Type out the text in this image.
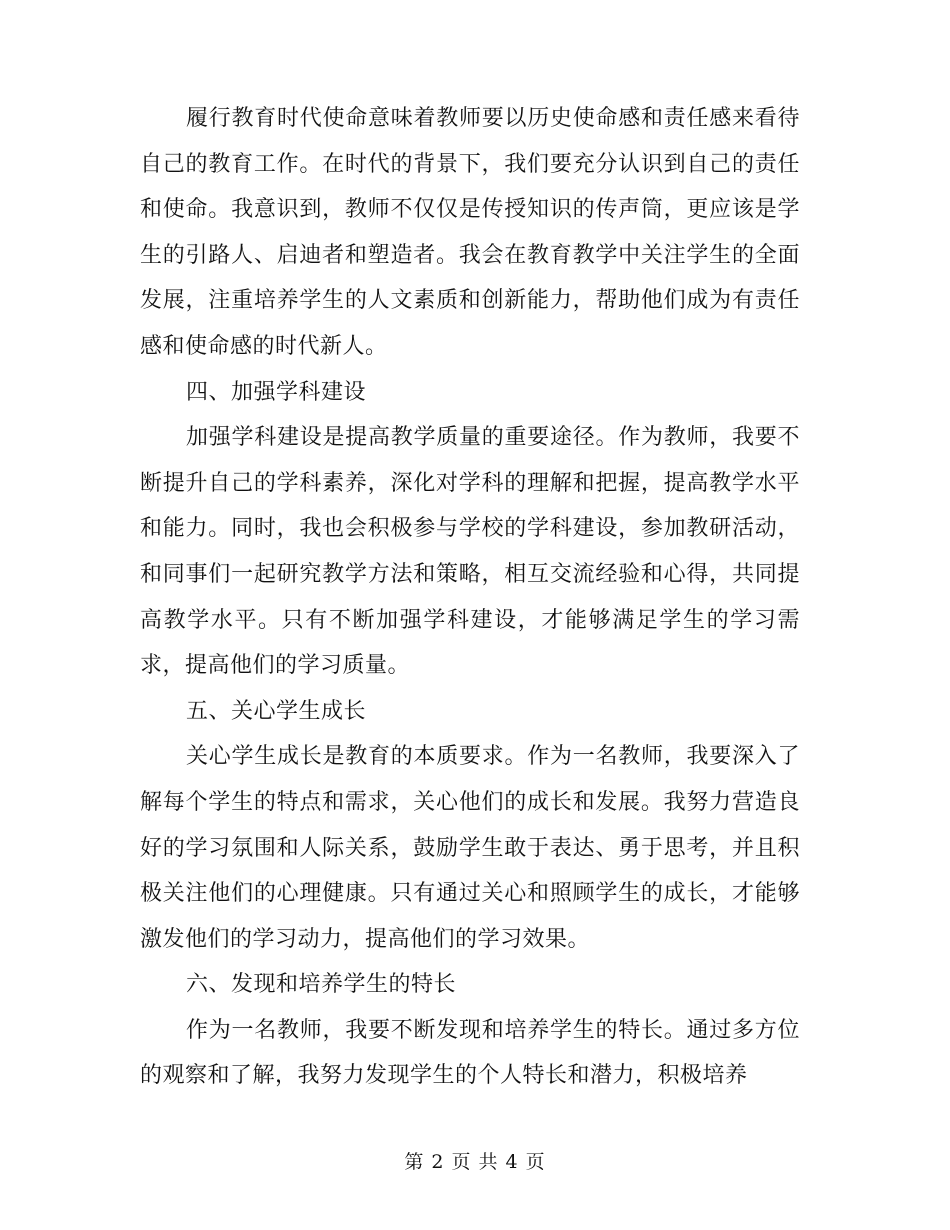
履行教育时代使命意味着教师要以历史使命感和责任感来看待自己的教育工作。在时代的背景下，我们要充分认识到自己的责任和使命。我意识到，教师不仅仅是传授知识的传声筒，更应该是学生的引路人、启迪者和塑造者。我会在教育教学中关注学生的全面发展，注重培养学生的人文素质和创新能力，帮助他们成为有责任感和使命感的时代新人。

四、加强学科建设

加强学科建设是提高教学质量的重要途径。作为教师，我要不断提升自己的学科素养，深化对学科的理解和把握，提高教学水平和能力。同时，我也会积极参与学校的学科建设，参加教研活动，和同事们一起研究教学方法和策略，相互交流经验和心得，共同提高教学水平。只有不断加强学科建设，才能够满足学生的学习需求，提高他们的学习质量。

五、关心学生成长

关心学生成长是教育的本质要求。作为一名教师，我要深入了解每个学生的特点和需求，关心他们的成长和发展。我努力营造良好的学习氛围和人际关系，鼓励学生敢于表达、勇于思考，并且积极关注他们的心理健康。只有通过关心和照顾学生的成长，才能够激发他们的学习动力，提高他们的学习效果。

六、发现和培养学生的特长

作为一名教师，我要不断发现和培养学生的特长。通过多方位的观察和了解，我努力发现学生的个人特长和潜力，积极培养

第 2 页 共 4 页
